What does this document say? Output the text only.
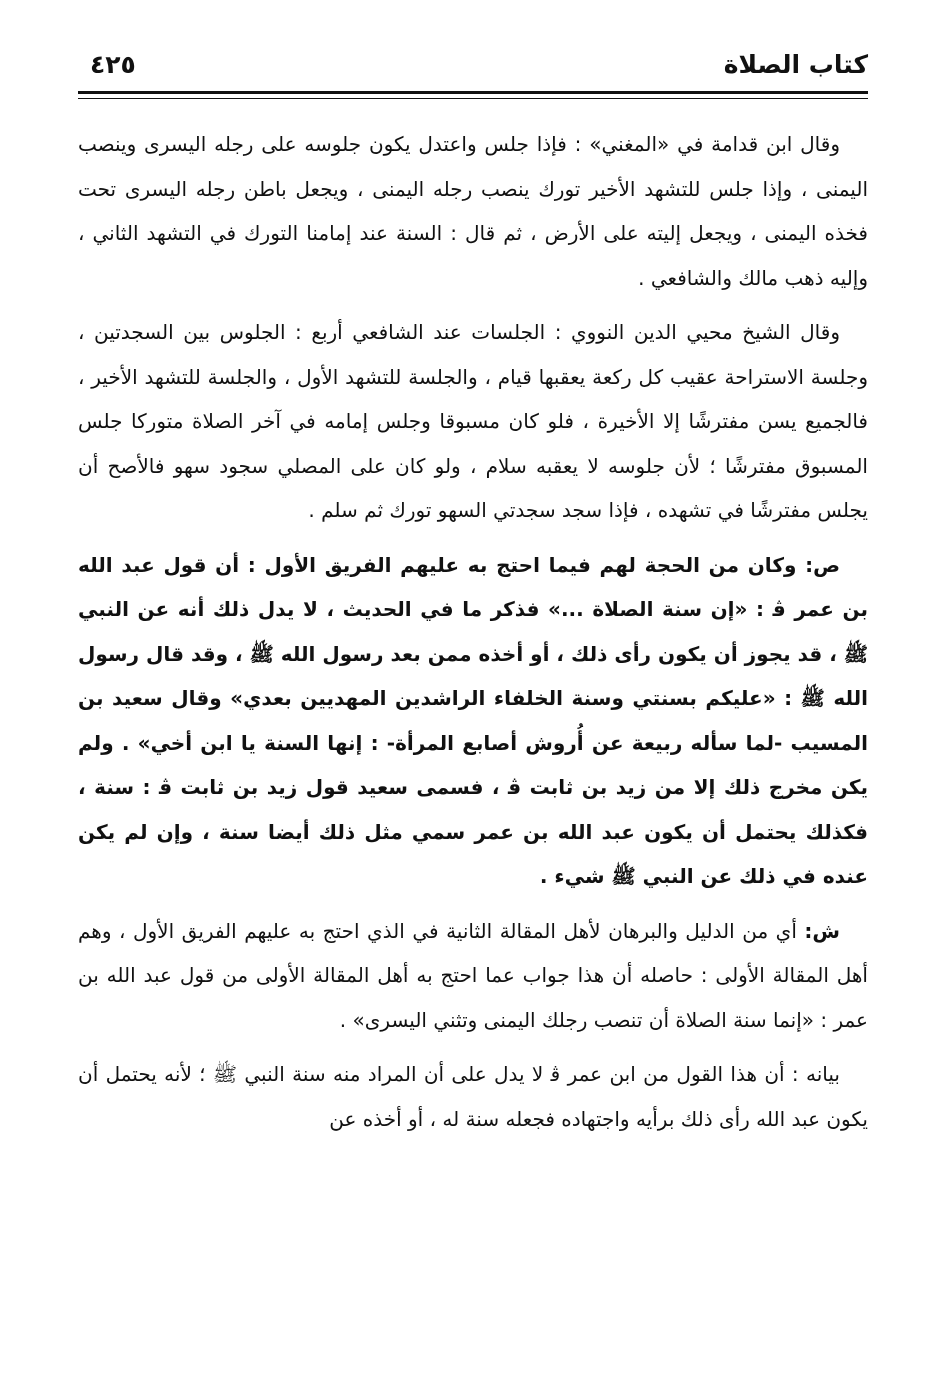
كتاب الصلاة
٤٢٥

وقال ابن قدامة في «المغني» : فإذا جلس واعتدل يكون جلوسه على رجله اليسرى وينصب اليمنى ، وإذا جلس للتشهد الأخير تورك ينصب رجله اليمنى ، ويجعل باطن رجله اليسرى تحت فخذه اليمنى ، ويجعل إليته على الأرض ، ثم قال : السنة عند إمامنا التورك في التشهد الثاني ، وإليه ذهب مالك والشافعي .

وقال الشيخ محيي الدين النووي : الجلسات عند الشافعي أربع : الجلوس بين السجدتين ، وجلسة الاستراحة عقيب كل ركعة يعقبها قيام ، والجلسة للتشهد الأول ، والجلسة للتشهد الأخير ، فالجميع يسن مفترشًا إلا الأخيرة ، فلو كان مسبوقا وجلس إمامه في آخر الصلاة متوركا جلس المسبوق مفترشًا ؛ لأن جلوسه لا يعقبه سلام ، ولو كان على المصلي سجود سهو فالأصح أن يجلس مفترشًا في تشهده ، فإذا سجد سجدتي السهو تورك ثم سلم .

ص: وكان من الحجة لهم فيما احتج به عليهم الفريق الأول : أن قول عبد الله بن عمر ﭬ : «إن سنة الصلاة ...» فذكر ما في الحديث ، لا يدل ذلك أنه عن النبي ﷺ ، قد يجوز أن يكون رأى ذلك ، أو أخذه ممن بعد رسول الله ﷺ ، وقد قال رسول الله ﷺ : «عليكم بسنتي وسنة الخلفاء الراشدين المهديين بعدي» وقال سعيد بن المسيب -لما سأله ربيعة عن أُروش أصابع المرأة- : إنها السنة يا ابن أخي» . ولم يكن مخرج ذلك إلا من زيد بن ثابت ﭬ ، فسمى سعيد قول زيد بن ثابت ﭬ : سنة ، فكذلك يحتمل أن يكون عبد الله بن عمر سمي مثل ذلك أيضا سنة ، وإن لم يكن عنده في ذلك عن النبي ﷺ شيء .

ش: أي من الدليل والبرهان لأهل المقالة الثانية في الذي احتج به عليهم الفريق الأول ، وهم أهل المقالة الأولى : حاصله أن هذا جواب عما احتج به أهل المقالة الأولى من قول عبد الله بن عمر : «إنما سنة الصلاة أن تنصب رجلك اليمنى وتثني اليسرى» .

بيانه : أن هذا القول من ابن عمر ﭬ لا يدل على أن المراد منه سنة النبي ﷺ ؛ لأنه يحتمل أن يكون عبد الله رأى ذلك برأيه واجتهاده فجعله سنة له ، أو أخذه عن
